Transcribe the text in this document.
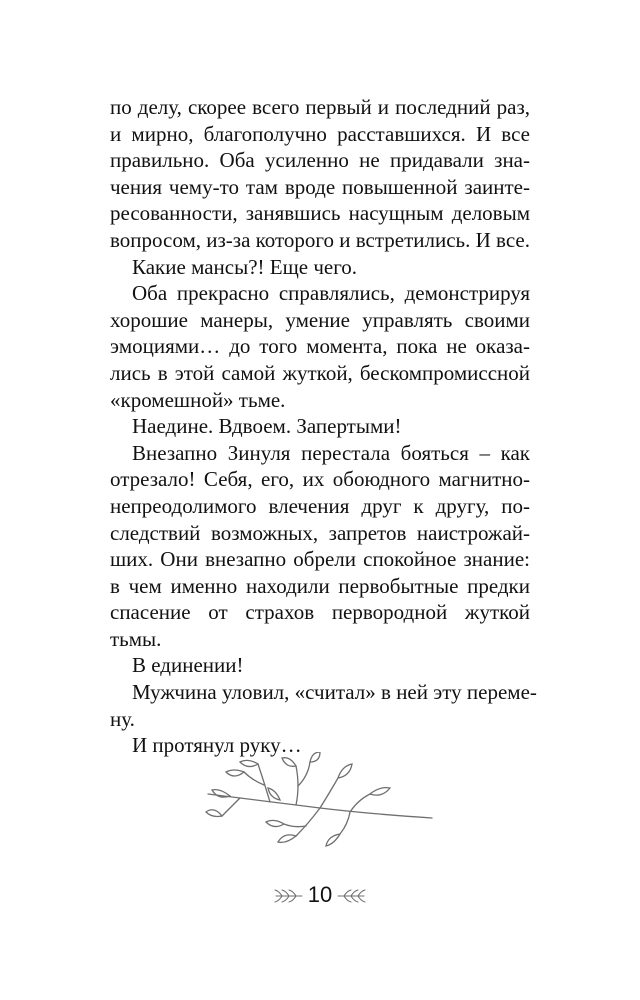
по делу, скорее всего первый и последний раз,
и мирно, благополучно расставшихся. И все
правильно. Оба усиленно не придавали зна-
чения чему-то там вроде повышенной заинте-
ресованности, занявшись насущным деловым
вопросом, из-за которого и встретились. И все.
Какие мансы?! Еще чего.
Оба прекрасно справлялись, демонстрируя
хорошие манеры, умение управлять своими
эмоциями… до того момента, пока не оказа-
лись в этой самой жуткой, бескомпромиссной
«кромешной» тьме.
Наедине. Вдвоем. Запертыми!
Внезапно Зинуля перестала бояться – как
отрезало! Себя, его, их обоюдного магнитно-
непреодолимого влечения друг к другу, по-
следствий возможных, запретов наистрожай-
ших. Они внезапно обрели спокойное знание:
в чем именно находили первобытные предки
спасение от страхов первородной жуткой
тьмы.
В единении!
Мужчина уловил, «считал» в ней эту переме-
ну.
И протянул руку…
10
